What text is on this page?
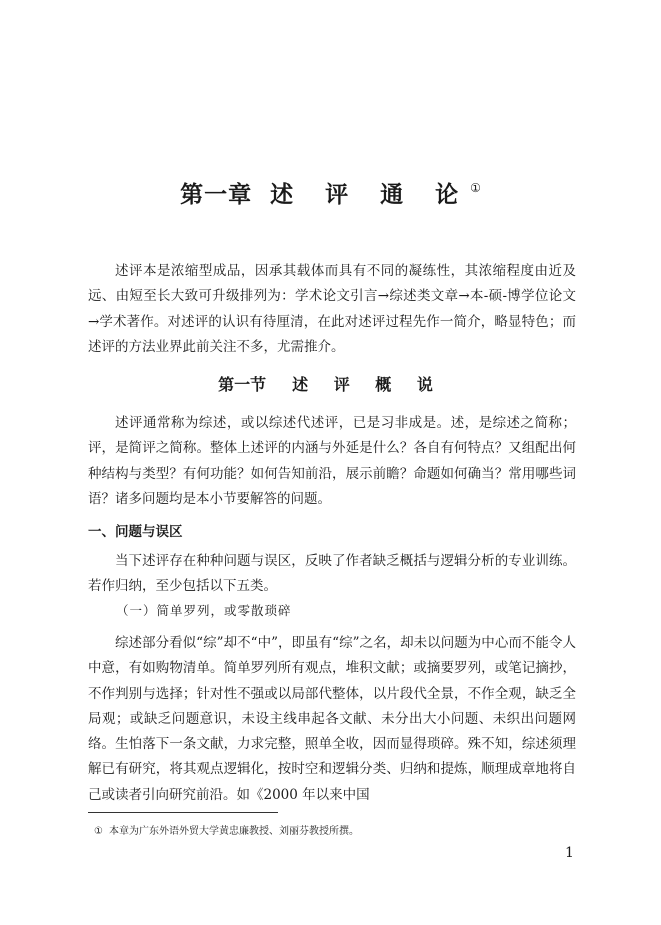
第一章 述 评 通 论①

述评本是浓缩型成品，因承其载体而具有不同的凝练性，其浓缩程度由近及远、由短至长大致可升级排列为：学术论文引言→综述类文章→本-硕-博学位论文→学术著作。对述评的认识有待厘清，在此对述评过程先作一简介，略显特色；而述评的方法业界此前关注不多，尤需推介。

第一节 述 评 概 说

述评通常称为综述，或以综述代述评，已是习非成是。述，是综述之简称；评，是简评之简称。整体上述评的内涵与外延是什么？各自有何特点？又组配出何种结构与类型？有何功能？如何告知前沿，展示前瞻？命题如何确当？常用哪些词语？诸多问题均是本小节要解答的问题。

一、问题与误区

当下述评存在种种问题与误区，反映了作者缺乏概括与逻辑分析的专业训练。若作归纳，至少包括以下五类。

（一）简单罗列，或零散琐碎

综述部分看似“综”却不“中”，即虽有“综”之名，却未以问题为中心而不能令人中意，有如购物清单。简单罗列所有观点，堆积文献；或摘要罗列，或笔记摘抄，不作判别与选择；针对性不强或以局部代整体，以片段代全景，不作全观，缺乏全局观；或缺乏问题意识，未设主线串起各文献、未分出大小问题、未织出问题网络。生怕落下一条文献，力求完整，照单全收，因而显得琐碎。殊不知，综述须理解已有研究，将其观点逻辑化，按时空和逻辑分类、归纳和提炼，顺理成章地将自己或读者引向研究前沿。如《2000 年以来中国

① 本章为广东外语外贸大学黄忠廉教授、刘丽芬教授所撰。
1
